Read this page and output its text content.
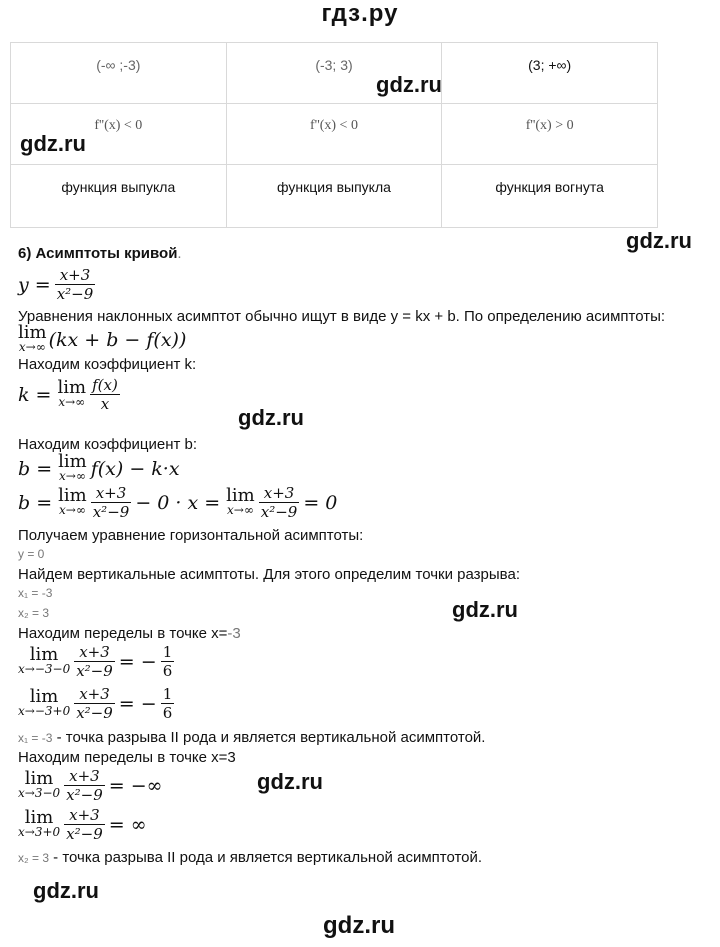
гдз.ру
(-∞ ;-3)	(-3; 3)	(3; +∞)

f''(x) < 0	f''(x) < 0	f''(x) > 0

функция выпукла	функция выпукла	функция вогнута
gdz.ru
gdz.ru
gdz.ru
gdz.ru
gdz.ru
gdz.ru
gdz.ru
gdz.ru
6) Асимптоты кривой.
$y = \frac{x+3}{\text{x²−9}}$
Уравнения наклонных асимптот обычно ищут в виде y = kx + b. По определению асимптоты:
lim
x→∞ (kx + b − f(x))
Находим коэффициент k:
k = lim
$x\to\infty \frac{f(x)}{x}$
Находим коэффициент b:
b = lim
x→∞ f(x) − k·x
b = lim
$x\to\infty \frac{x+3}{\text{x²−9}} - 0 \cdot x = \lim$
$x\to\infty \frac{x+3}{\text{x²−9}} = 0$
Получаем уравнение горизонтальной асимптоты:
y = 0
Найдем вертикальные асимптоты. Для этого определим точки разрыва:
x₁ = -3
x₂ = 3
Находим переделы в точке x=-3
lim
$x\to-3-0 \frac{x+3}{\text{x²−9}}$ = − $\frac{1}{6}$
lim
$x\to-3+0 \frac{x+3}{\text{x²−9}}$ = − $\frac{1}{6}$
x₁ = -3 - точка разрыва II рода и является вертикальной асимптотой.
Находим переделы в точке x=3
lim
$x\to 3-0 \frac{x+3}{\text{x²−9}}$ = −∞
lim
$x\to 3+0 \frac{x+3}{\text{x²−9}}$ = ∞
x₂ = 3 - точка разрыва II рода и является вертикальной асимптотой.
